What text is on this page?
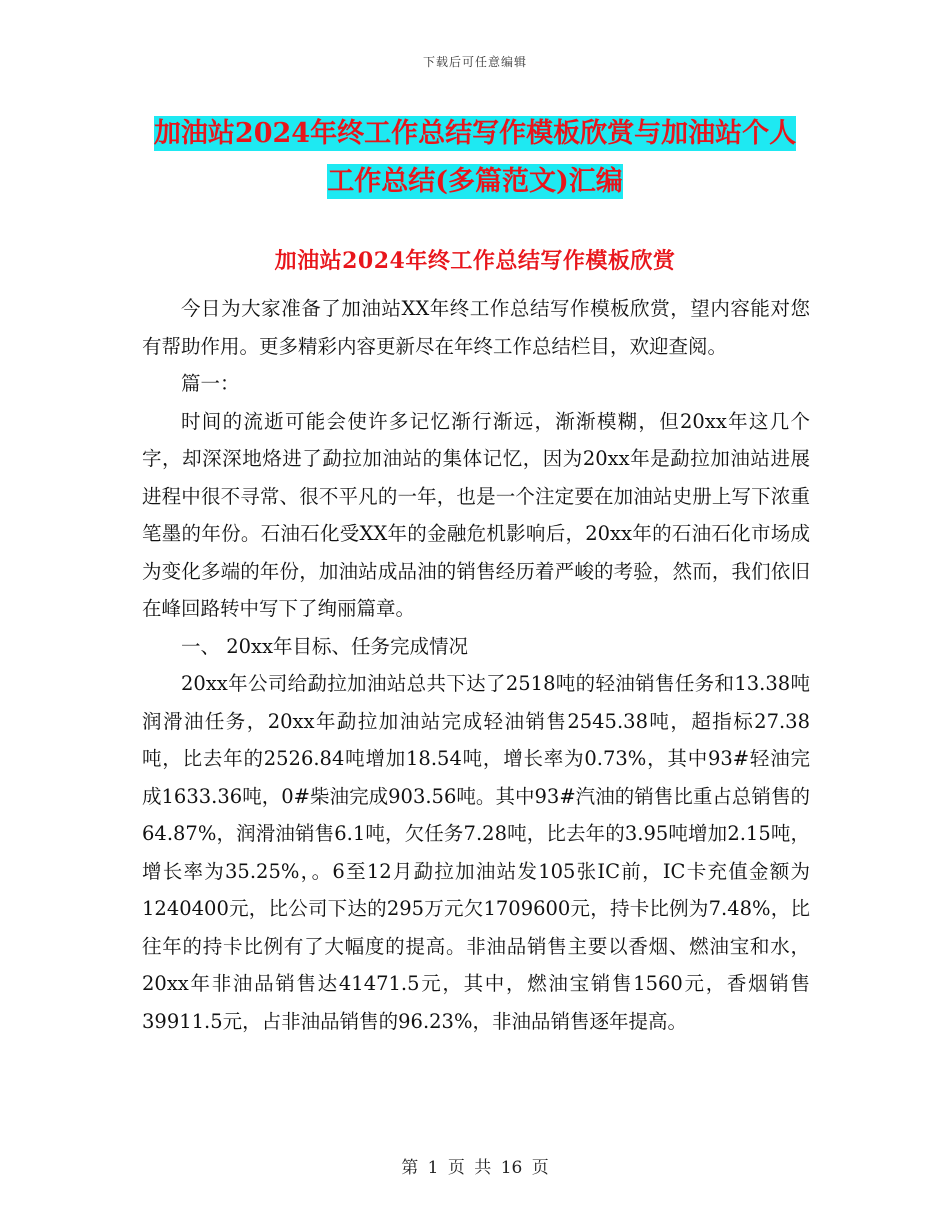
下载后可任意编辑
加油站2024年终工作总结写作模板欣赏与加油站个人
工作总结(多篇范文)汇编
加油站2024年终工作总结写作模板欣赏

今日为大家准备了加油站XX年终工作总结写作模板欣赏，望内容能对您有帮助作用。更多精彩内容更新尽在年终工作总结栏目，欢迎查阅。

篇一：

时间的流逝可能会使许多记忆渐行渐远，渐渐模糊，但20xx年这几个字，却深深地烙进了勐拉加油站的集体记忆，因为20xx年是勐拉加油站进展进程中很不寻常、很不平凡的一年，也是一个注定要在加油站史册上写下浓重笔墨的年份。石油石化受XX年的金融危机影响后，20xx年的石油石化市场成为变化多端的年份，加油站成品油的销售经历着严峻的考验，然而，我们依旧在峰回路转中写下了绚丽篇章。

一、 20xx年目标、任务完成情况

20xx年公司给勐拉加油站总共下达了2518吨的轻油销售任务和13.38吨润滑油任务，20xx年勐拉加油站完成轻油销售2545.38吨，超指标27.38吨，比去年的2526.84吨增加18.54吨，增长率为0.73%，其中93#轻油完成1633.36吨，0#柴油完成903.56吨。其中93#汽油的销售比重占总销售的64.87%，润滑油销售6.1吨，欠任务7.28吨，比去年的3.95吨增加2.15吨，增长率为35.25%，。6至12月勐拉加油站发105张IC前，IC卡充值金额为1240400元，比公司下达的295万元欠1709600元，持卡比例为7.48%，比往年的持卡比例有了大幅度的提高。非油品销售主要以香烟、燃油宝和水，20xx年非油品销售达41471.5元，其中，燃油宝销售1560元，香烟销售39911.5元，占非油品销售的96.23%，非油品销售逐年提高。

第 1 页 共 16 页
